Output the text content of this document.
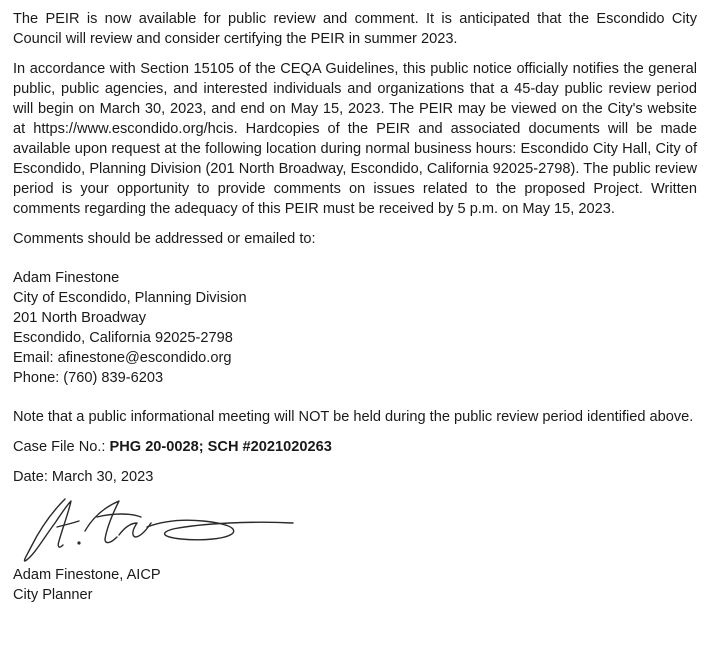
The PEIR is now available for public review and comment. It is anticipated that the Escondido City Council will review and consider certifying the PEIR in summer 2023.

In accordance with Section 15105 of the CEQA Guidelines, this public notice officially notifies the general public, public agencies, and interested individuals and organizations that a 45-day public review period will begin on March 30, 2023, and end on May 15, 2023. The PEIR may be viewed on the City's website at https://www.escondido.org/hcis. Hardcopies of the PEIR and associated documents will be made available upon request at the following location during normal business hours: Escondido City Hall, City of Escondido, Planning Division (201 North Broadway, Escondido, California 92025-2798). The public review period is your opportunity to provide comments on issues related to the proposed Project. Written comments regarding the adequacy of this PEIR must be received by 5 p.m. on May 15, 2023.

Comments should be addressed or emailed to:

Adam Finestone
City of Escondido, Planning Division
201 North Broadway
Escondido, California 92025-2798
Email: afinestone@escondido.org
Phone: (760) 839-6203

Note that a public informational meeting will NOT be held during the public review period identified above.

Case File No.: PHG 20-0028; SCH #2021020263

Date: March 30, 2023

Adam Finestone, AICP
City Planner
